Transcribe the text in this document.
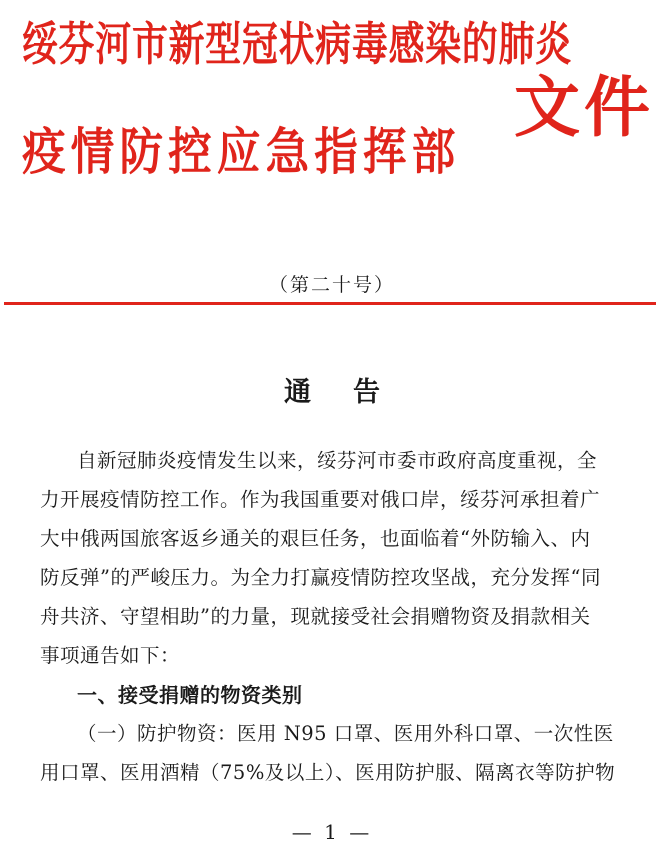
绥芬河市新型冠状病毒感染的肺炎
疫情防控应急指挥部
文件
（第二十号）
通告
自新冠肺炎疫情发生以来，绥芬河市委市政府高度重视，全
力开展疫情防控工作。作为我国重要对俄口岸，绥芬河承担着广
大中俄两国旅客返乡通关的艰巨任务，也面临着“外防输入、内
防反弹”的严峻压力。为全力打赢疫情防控攻坚战，充分发挥“同
舟共济、守望相助”的力量，现就接受社会捐赠物资及捐款相关
事项通告如下：
一、接受捐赠的物资类别
（一）防护物资：医用 N95 口罩、医用外科口罩、一次性医
用口罩、医用酒精（75%及以上）、医用防护服、隔离衣等防护物
— 1 —
